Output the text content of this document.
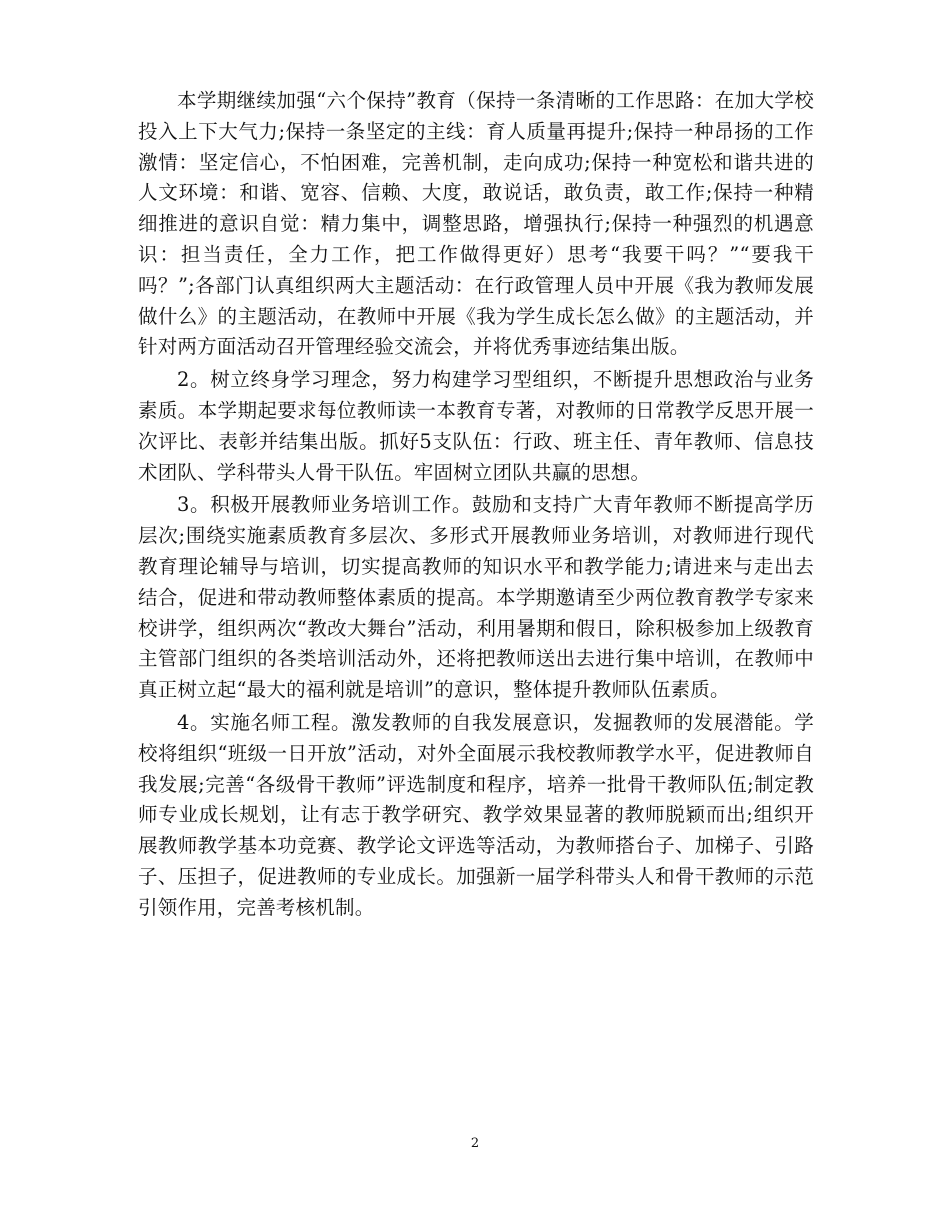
本学期继续加强“六个保持”教育（保持一条清晰的工作思路：在加大学校投入上下大气力;保持一条坚定的主线：育人质量再提升;保持一种昂扬的工作激情：坚定信心，不怕困难，完善机制，走向成功;保持一种宽松和谐共进的人文环境：和谐、宽容、信赖、大度，敢说话，敢负责，敢工作;保持一种精细推进的意识自觉：精力集中，调整思路，增强执行;保持一种强烈的机遇意识：担当责任，全力工作，把工作做得更好）思考“我要干吗？”“要我干吗？”;各部门认真组织两大主题活动：在行政管理人员中开展《我为教师发展做什么》的主题活动，在教师中开展《我为学生成长怎么做》的主题活动，并针对两方面活动召开管理经验交流会，并将优秀事迹结集出版。

2。树立终身学习理念，努力构建学习型组织，不断提升思想政治与业务素质。本学期起要求每位教师读一本教育专著，对教师的日常教学反思开展一次评比、表彰并结集出版。抓好5支队伍：行政、班主任、青年教师、信息技术团队、学科带头人骨干队伍。牢固树立团队共赢的思想。

3。积极开展教师业务培训工作。鼓励和支持广大青年教师不断提高学历层次;围绕实施素质教育多层次、多形式开展教师业务培训，对教师进行现代教育理论辅导与培训，切实提高教师的知识水平和教学能力;请进来与走出去结合，促进和带动教师整体素质的提高。本学期邀请至少两位教育教学专家来校讲学，组织两次“教改大舞台”活动，利用暑期和假日，除积极参加上级教育主管部门组织的各类培训活动外，还将把教师送出去进行集中培训，在教师中真正树立起“最大的福利就是培训”的意识，整体提升教师队伍素质。

4。实施名师工程。激发教师的自我发展意识，发掘教师的发展潜能。学校将组织“班级一日开放”活动，对外全面展示我校教师教学水平，促进教师自我发展;完善“各级骨干教师”评选制度和程序，培养一批骨干教师队伍;制定教师专业成长规划，让有志于教学研究、教学效果显著的教师脱颖而出;组织开展教师教学基本功竞赛、教学论文评选等活动，为教师搭台子、加梯子、引路子、压担子，促进教师的专业成长。加强新一届学科带头人和骨干教师的示范引领作用，完善考核机制。

2
